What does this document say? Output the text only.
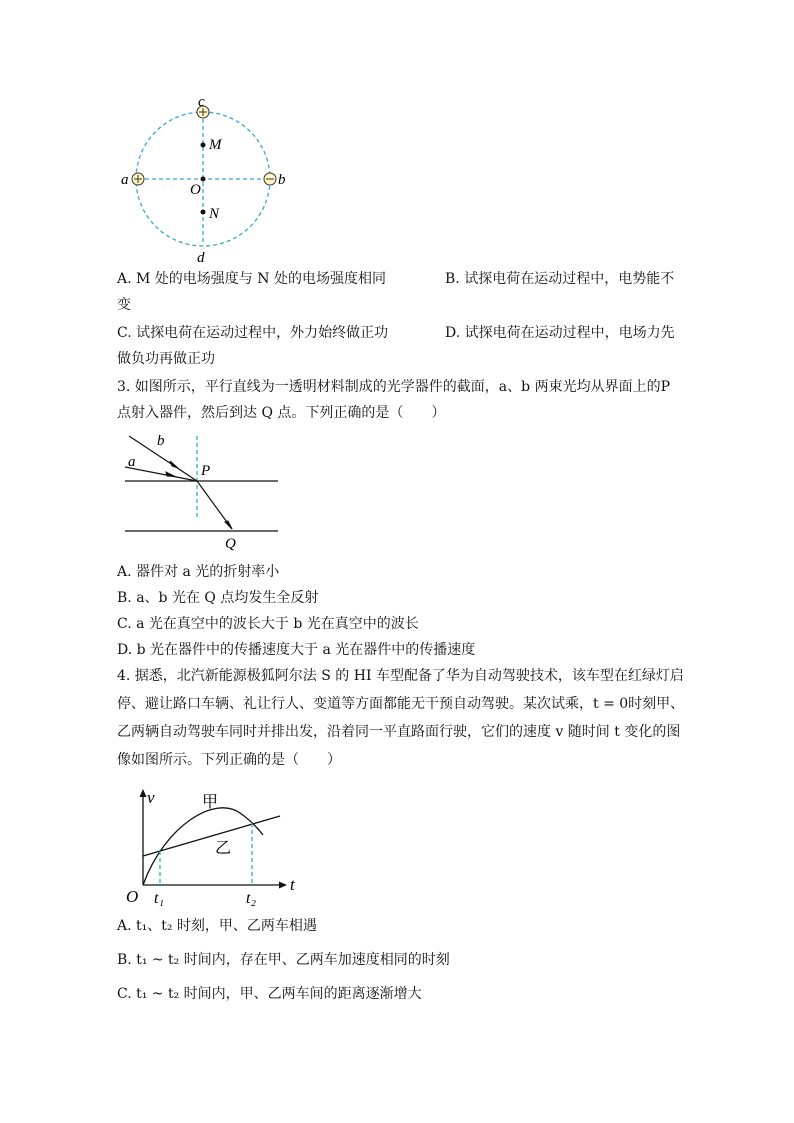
c
a	b
d
M
O
N
A. M 处的电场强度与 N 处的电场强度相同	B. 试探电荷在运动过程中，电势能不
变
C. 试探电荷在运动过程中，外力始终做正功	D. 试探电荷在运动过程中，电场力先
做负功再做正功
3. 如图所示，平行直线为一透明材料制成的光学器件的截面，a、b 两束光均从界面上的P
点射入器件，然后到达 Q 点。下列正确的是（　　）
b
a
P
Q
A. 器件对 a 光的折射率小
B. a、b 光在 Q 点均发生全反射
C. a 光在真空中的波长大于 b 光在真空中的波长
D. b 光在器件中的传播速度大于 a 光在器件中的传播速度
4. 据悉，北汽新能源极狐阿尔法 S 的 HI 车型配备了华为自动驾驶技术，该车型在红绿灯启
停、避让路口车辆、礼让行人、变道等方面都能无干预自动驾驶。某次试乘，t = 0时刻甲、
乙两辆自动驾驶车同时并排出发，沿着同一平直路面行驶，它们的速度 v 随时间 t 变化的图
像如图所示。下列正确的是（　　）
v
t
O
甲
乙
t₁	t₂
A. t₁、t₂ 时刻，甲、乙两车相遇
B. t₁ ~ t₂ 时间内，存在甲、乙两车加速度相同的时刻
C. t₁ ~ t₂ 时间内，甲、乙两车间的距离逐渐增大
